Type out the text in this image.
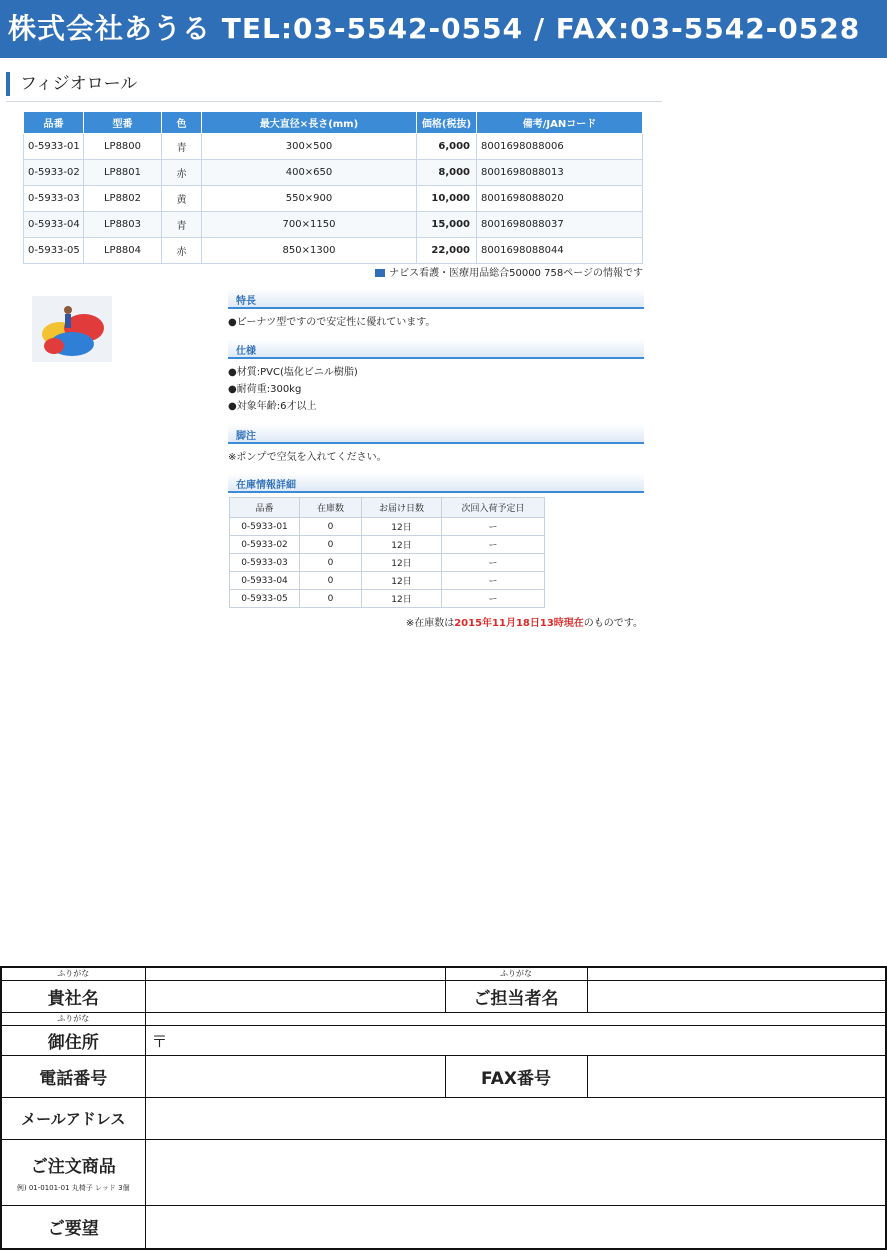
株式会社あうる TEL:03-5542-0554 / FAX:03-5542-0528
フィジオロール
品番	型番	色	最大直径×長さ(mm)	価格(税抜)	備考/JANコード
0-5933-01	LP8800	青	300×500	6,000	8001698088006
0-5933-02	LP8801	赤	400×650	8,000	8001698088013
0-5933-03	LP8802	黄	550×900	10,000	8001698088020
0-5933-04	LP8803	青	700×1150	15,000	8001698088037
0-5933-05	LP8804	赤	850×1300	22,000	8001698088044
ナビス看護・医療用品総合50000 758ページの情報です
特長
●ピーナツ型ですので安定性に優れています。
仕様
●材質:PVC(塩化ビニル樹脂)
●耐荷重:300kg
●対象年齢:6才以上
脚注
※ポンプで空気を入れてください。
在庫情報詳細
品番	在庫数	お届け日数	次回入荷予定日
0-5933-01	0	12日	ー
0-5933-02	0	12日	ー
0-5933-03	0	12日	ー
0-5933-04	0	12日	ー
0-5933-05	0	12日	ー
※在庫数は2015年11月18日13時現在のものです。
ふりがな		ふりがな	
貴社名		ご担当者名	
ふりがな			
御住所	〒		
電話番号		FAX番号	
メールアドレス			
ご注文商品
例) 01-0101-01 丸椅子 レッド 3個			

ご要望			
